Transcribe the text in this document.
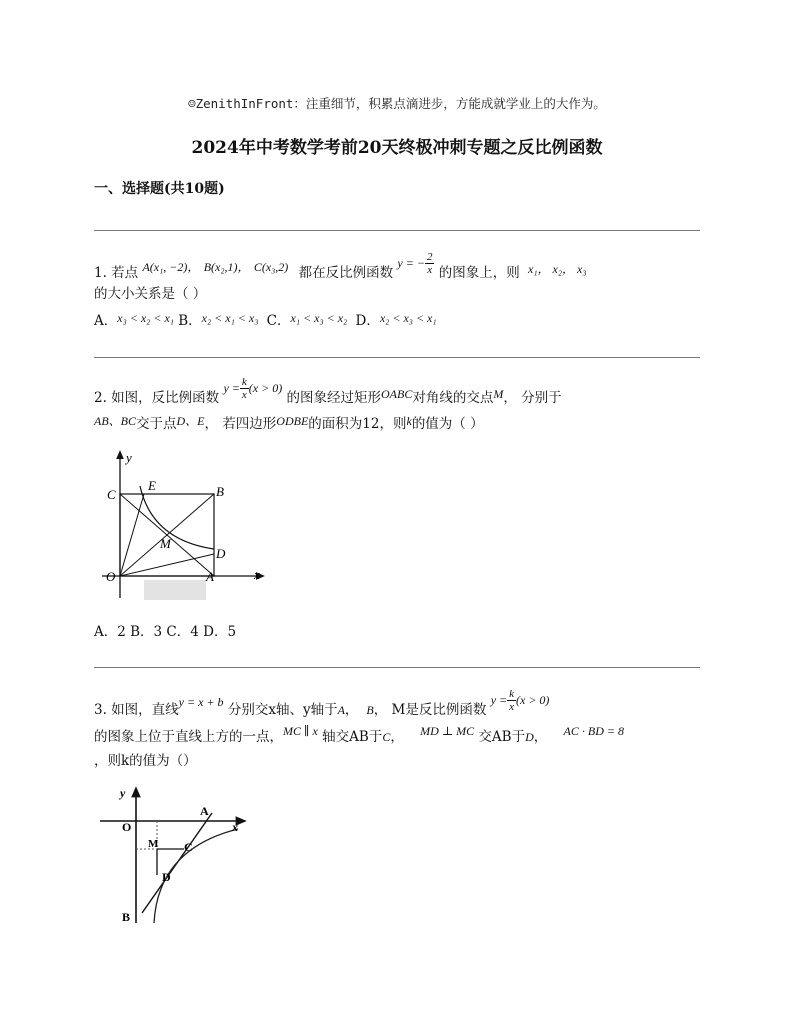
☺ZenithInFront：注重细节，积累点滴进步，方能成就学业上的大作为。
2024年中考数学考前20天终极冲刺专题之反比例函数
一、选择题(共10题)
1. 若点 A(x₁, −2)， B(x₂,1)， C(x₃,2) 都在反比例函数
y = − $\frac{2}{x}$ 的图象上，则 x₁， x₂， x₃
的大小关系是（ ）
A．x₃ < x₂ < x₁ B．x₂ < x₁ < x₃ C．x₁ < x₃ < x₂ D．x₂ < x₃ < x₁
2. 如图，反比例函数
$y = \frac{k}{x} (x > 0)$
的图象经过矩形OABC对角线的交点M， 分别于
AB、BC交于点D、E， 若四边形ODBE的面积为12，则k的值为（ ）
y
x
O	A
B
C
D
E
M
A．2 B．3 C．4 D．5
3. 如图，直线y = x + b 分别交x轴、y轴于A， B， M是反比例函数
$y = \frac{k}{x} (x > 0)$
的图象上位于直线上方的一点，MC ∥ x 轴交AB于C， MD ⊥ MC 交AB于D， AC · BD = 8
，则k的值为（）
y
x
O
A
B
C
D
M
